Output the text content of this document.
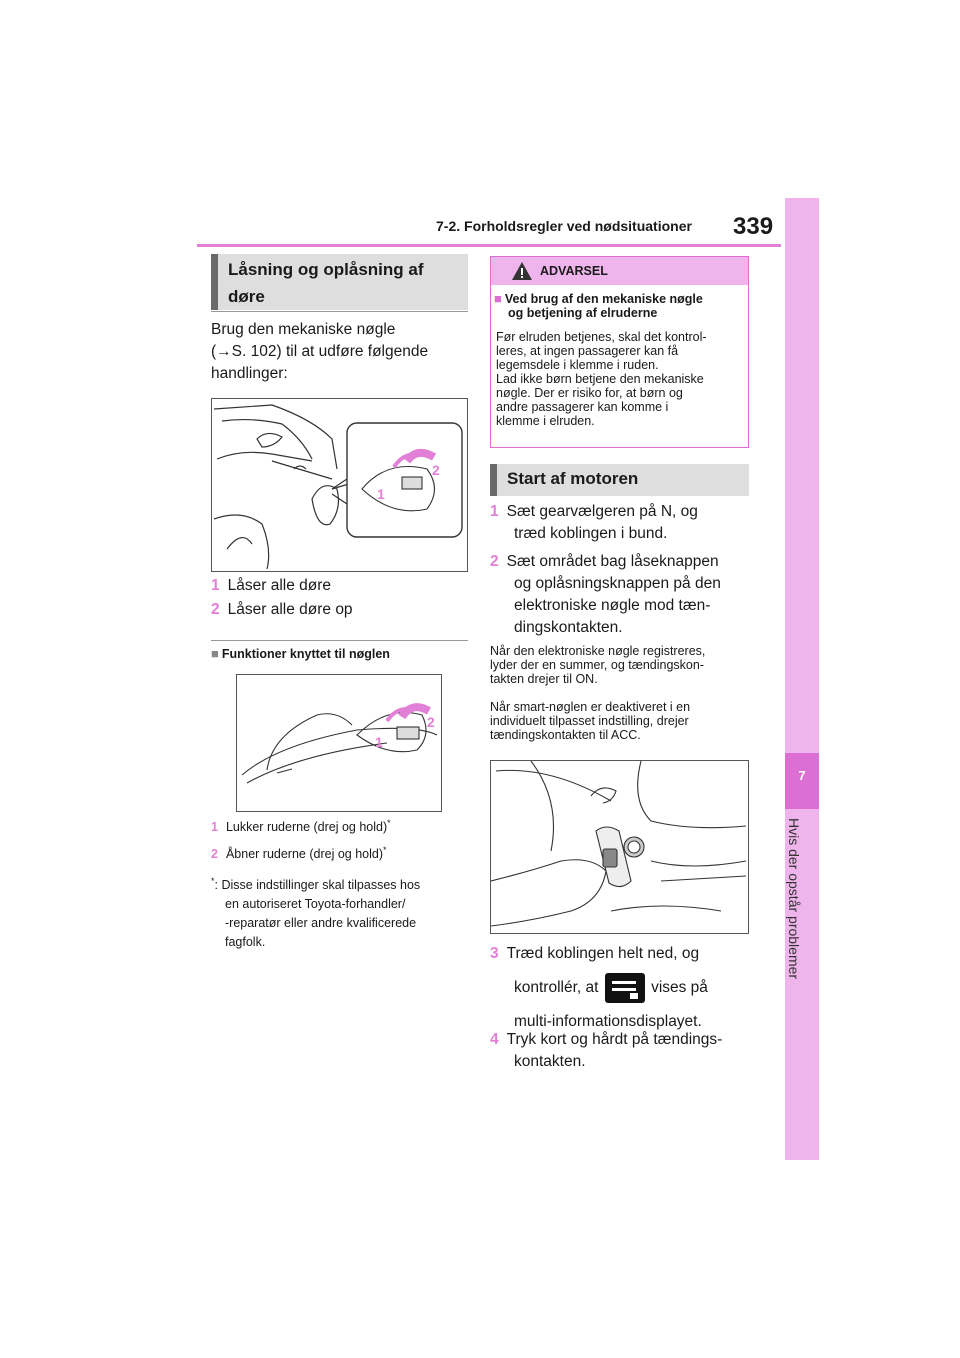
7-2. Forholdsregler ved nødsituationer 339
7
Hvis der opstår problemer
Låsning og oplåsning af
døre
Brug den mekaniske nøgle
(→S. 102) til at udføre følgende
handlinger:
2
1
1 Låser alle døre
2 Låser alle døre op
■ Funktioner knyttet til nøglen
2
1
1 Lukker ruderne (drej og hold)*
2 Åbner ruderne (drej og hold)*
*: Disse indstillinger skal tilpasses hos
en autoriseret Toyota-forhandler/
-reparatør eller andre kvalificerede
fagfolk.
ADVARSEL
■ Ved brug af den mekaniske nøgle
og betjening af elruderne
Før elruden betjenes, skal det kontrol-
leres, at ingen passagerer kan få
legemsdele i klemme i ruden.
Lad ikke børn betjene den mekaniske
nøgle. Der er risiko for, at børn og
andre passagerer kan komme i
klemme i elruden.
Start af motoren
1 Sæt gearvælgeren på N, og
træd koblingen i bund.
2 Sæt området bag låseknappen
og oplåsningsknappen på den
elektroniske nøgle mod tæn-
dingskontakten.
Når den elektroniske nøgle registreres,
lyder der en summer, og tændingskon-
takten drejer til ON.
Når smart-nøglen er deaktiveret i en
individuelt tilpasset indstilling, drejer
tændingskontakten til ACC.
3 Træd koblingen helt ned, og
kontrollér, at	vises på
multi-informationsdisplayet.
4 Tryk kort og hårdt på tændings-
kontakten.
